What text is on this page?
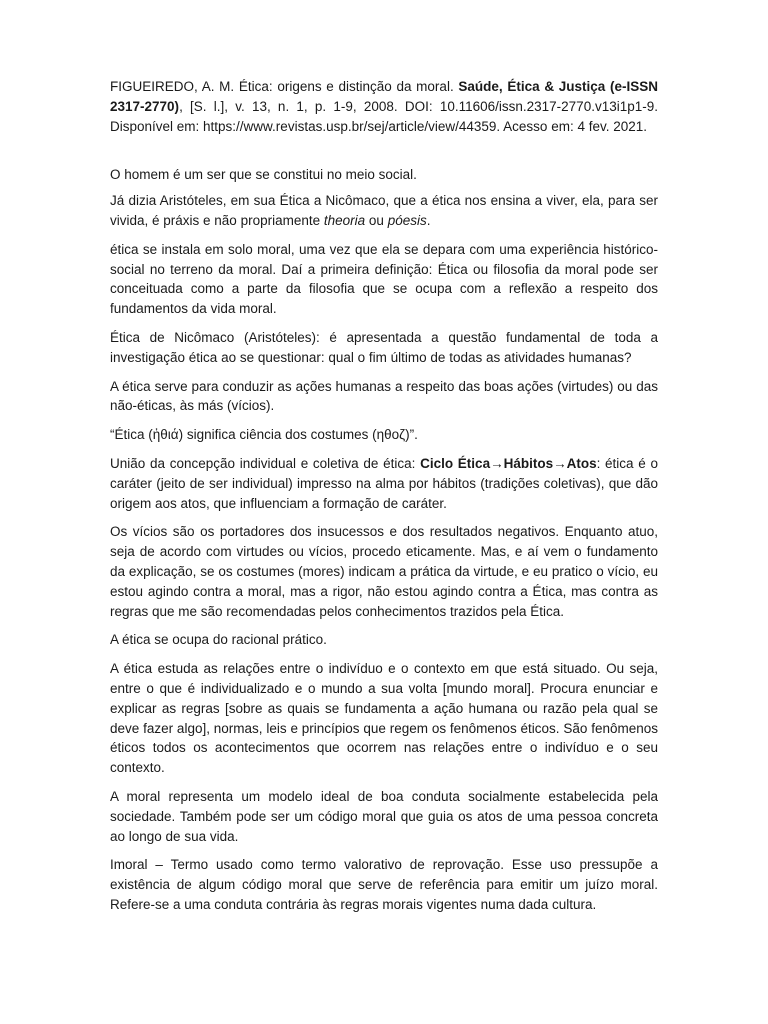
FIGUEIREDO, A. M. Ética: origens e distinção da moral. Saúde, Ética & Justiça (e-ISSN 2317-2770), [S. l.], v. 13, n. 1, p. 1-9, 2008. DOI: 10.11606/issn.2317-2770.v13i1p1-9. Disponível em: https://www.revistas.usp.br/sej/article/view/44359. Acesso em: 4 fev. 2021.

O homem é um ser que se constitui no meio social.

Já dizia Aristóteles, em sua Ética a Nicômaco, que a ética nos ensina a viver, ela, para ser vivida, é práxis e não propriamente theoria ou póesis.

ética se instala em solo moral, uma vez que ela se depara com uma experiência histórico-social no terreno da moral. Daí a primeira definição: Ética ou filosofia da moral pode ser conceituada como a parte da filosofia que se ocupa com a reflexão a respeito dos fundamentos da vida moral.

Ética de Nicômaco (Aristóteles): é apresentada a questão fundamental de toda a investigação ética ao se questionar: qual o fim último de todas as atividades humanas?

A ética serve para conduzir as ações humanas a respeito das boas ações (virtudes) ou das não-éticas, às más (vícios).

“Ética (ἠθιά) significa ciência dos costumes (ηθοζ)”.

União da concepção individual e coletiva de ética: Ciclo Ética→Hábitos→Atos: ética é o caráter (jeito de ser individual) impresso na alma por hábitos (tradições coletivas), que dão origem aos atos, que influenciam a formação de caráter.

Os vícios são os portadores dos insucessos e dos resultados negativos. Enquanto atuo, seja de acordo com virtudes ou vícios, procedo eticamente. Mas, e aí vem o fundamento da explicação, se os costumes (mores) indicam a prática da virtude, e eu pratico o vício, eu estou agindo contra a moral, mas a rigor, não estou agindo contra a Ética, mas contra as regras que me são recomendadas pelos conhecimentos trazidos pela Ética.

A ética se ocupa do racional prático.

A ética estuda as relações entre o indivíduo e o contexto em que está situado. Ou seja, entre o que é individualizado e o mundo a sua volta [mundo moral]. Procura enunciar e explicar as regras [sobre as quais se fundamenta a ação humana ou razão pela qual se deve fazer algo], normas, leis e princípios que regem os fenômenos éticos. São fenômenos éticos todos os acontecimentos que ocorrem nas relações entre o indivíduo e o seu contexto.

A moral representa um modelo ideal de boa conduta socialmente estabelecida pela sociedade. Também pode ser um código moral que guia os atos de uma pessoa concreta ao longo de sua vida.

Imoral – Termo usado como termo valorativo de reprovação. Esse uso pressupõe a existência de algum código moral que serve de referência para emitir um juízo moral. Refere-se a uma conduta contrária às regras morais vigentes numa dada cultura.
